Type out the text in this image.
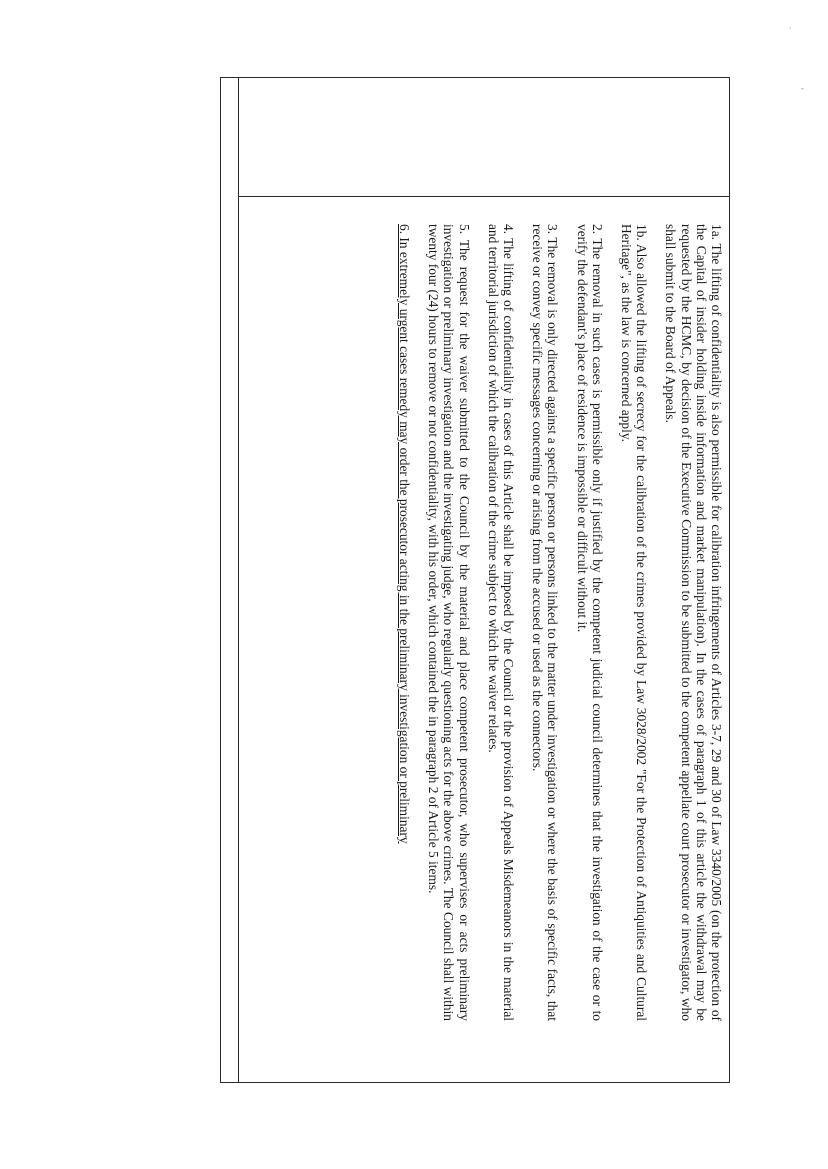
1a. The lifting of confidentiality is also permissible for calibration infringements of Articles 3-7, 29 and 30 of Law 3340/2005 (on the protection of the Capital of insider holding inside information and market manipulation). In the cases of paragraph 1 of this article the withdrawal may be requested by the HCMC, by decision of the Executive Commission to be submitted to the competent appellate court prosecutor or investigator, who shall submit to the Board of Appeals.

1b. Also allowed the lifting of secrecy for the calibration of the crimes provided by Law 3028/2002 "For the Protection of Antiquities and Cultural Heritage", as the law is concerned apply.

2. The removal in such cases is permissible only if justified by the competent judicial council determines that the investigation of the case or to verify the defendant's place of residence is impossible or difficult without it.

3. The removal is only directed against a specific person or persons linked to the matter under investigation or where the basis of specific facts, that receive or convey specific messages concerning or arising from the accused or used as the connectors.

4. The lifting of confidentiality in cases of this Article shall be imposed by the Council or the provision of Appeals Misdemeanors in the material and territorial jurisdiction of which the calibration of the crime subject to which the waiver relates.

5. The request for the waiver submitted to the Council by the material and place competent prosecutor, who supervises or acts preliminary investigation or preliminary investigation and the investigating judge, who regularly questioning acts for the above crimes. The Council shall within twenty four (24) hours to remove or not confidentiality, with his order, which contained the in paragraph 2 of Article 5 items.

6. In extremely urgent cases remedy may order the prosecutor acting in the preliminary investigation or preliminary

·
-
